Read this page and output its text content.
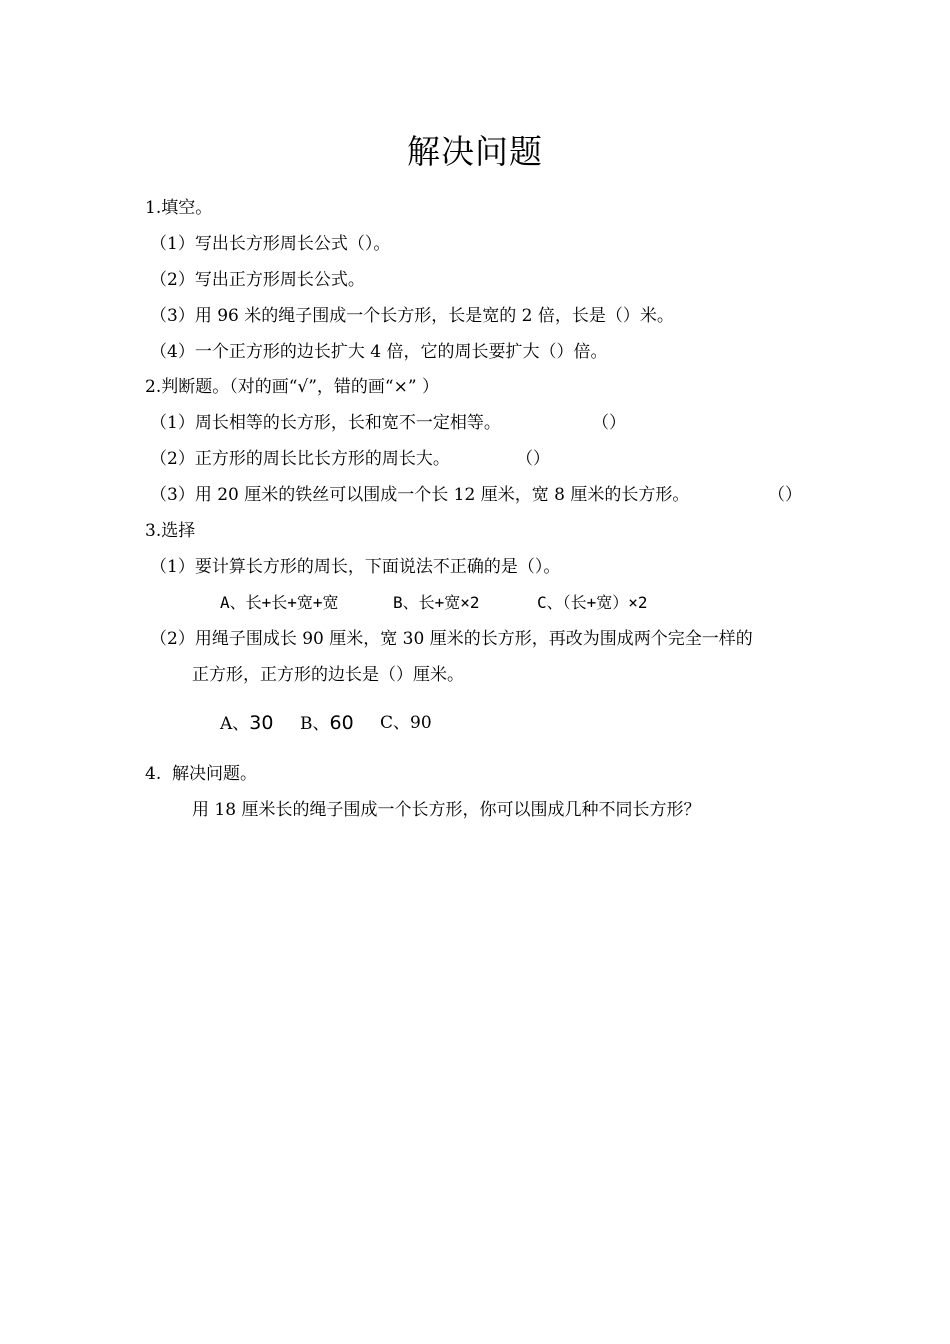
解决问题
1.填空。
（1）写出长方形周长公式（）。
（2）写出正方形周长公式。
（3）用 96 米的绳子围成一个长方形，长是宽的 2 倍，长是（）米。
（4）一个正方形的边长扩大 4 倍，它的周长要扩大（）倍。
2.判断题。（对的画“√”，错的画“×” ）
（1）周长相等的长方形，长和宽不一定相等。	（）
（2）正方形的周长比长方形的周长大。	（）
（3）用 20 厘米的铁丝可以围成一个长 12 厘米，宽 8 厘米的长方形。	（）
3.选择
（1）要计算长方形的周长，下面说法不正确的是（）。
A、长+长+宽+宽	B、长+宽×2	C、（长+宽）×2
（2）用绳子围成长 90 厘米，宽 30 厘米的长方形，再改为围成两个完全一样的
正方形，正方形的边长是（）厘米。
A、30 B、60 C、90
4.  解决问题。
用 18 厘米长的绳子围成一个长方形，你可以围成几种不同长方形？
